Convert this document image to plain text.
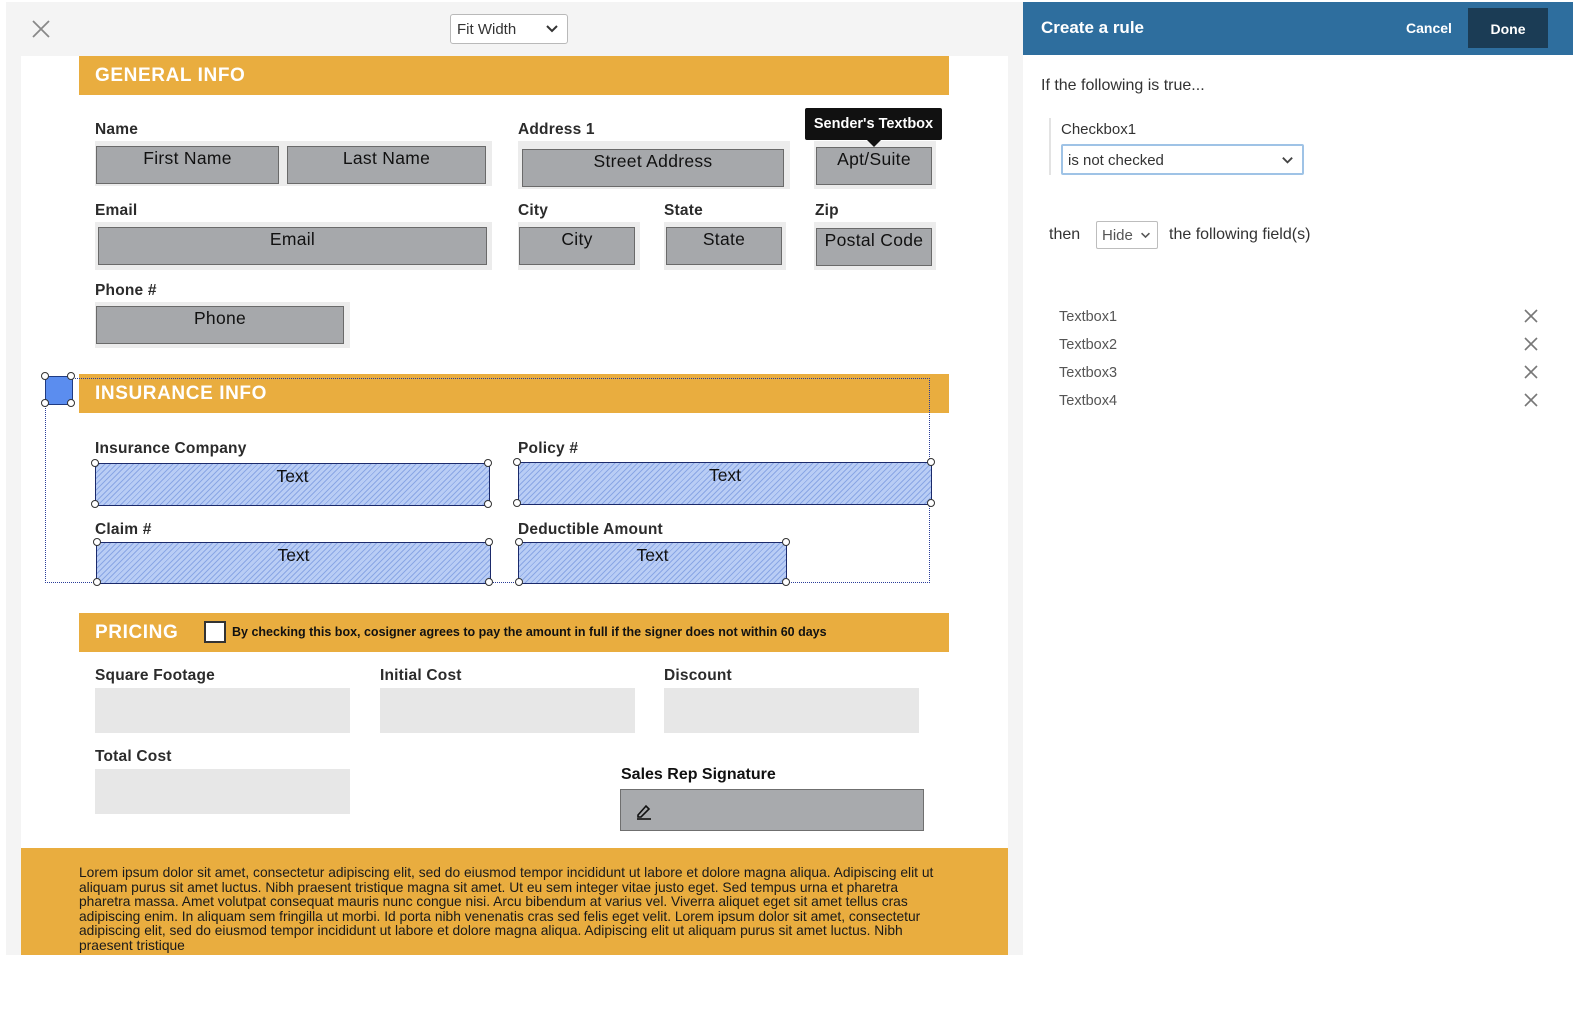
Fit Width
GENERAL INFO
Name
First Name	Last Name
Address 1
Street Address	Apt/Suite
Sender's Textbox
Email
Email
City
City
State
State
Zip
Postal Code
Phone #
Phone
INSURANCE INFO
Insurance Company
Text
Policy #
Text
Claim #
Text
Deductible Amount
Text
PRICING	By checking this box, cosigner agrees to pay the amount in full if the signer does not within 60 days
Square Footage	Initial Cost	Discount
Total Cost
Sales Rep Signature
Lorem ipsum dolor sit amet, consectetur adipiscing elit, sed do eiusmod tempor incididunt ut labore et dolore magna aliqua. Adipiscing elit ut aliquam purus sit amet luctus. Nibh praesent tristique magna sit amet. Ut eu sem integer vitae justo eget. Sed tempus urna et pharetra pharetra massa. Amet volutpat consequat mauris nunc congue nisi. Arcu bibendum at varius vel. Viverra aliquet eget sit amet tellus cras adipiscing enim. In aliquam sem fringilla ut morbi. Id porta nibh venenatis cras sed felis eget velit. Lorem ipsum dolor sit amet, consectetur adipiscing elit, sed do eiusmod tempor incididunt ut labore et dolore magna aliqua. Adipiscing elit ut aliquam purus sit amet luctus. Nibh praesent tristique
Create a rule	Cancel	Done
If the following is true...
Checkbox1
is not checked
then	Hide	the following field(s)
Textbox1
Textbox2
Textbox3
Textbox4
